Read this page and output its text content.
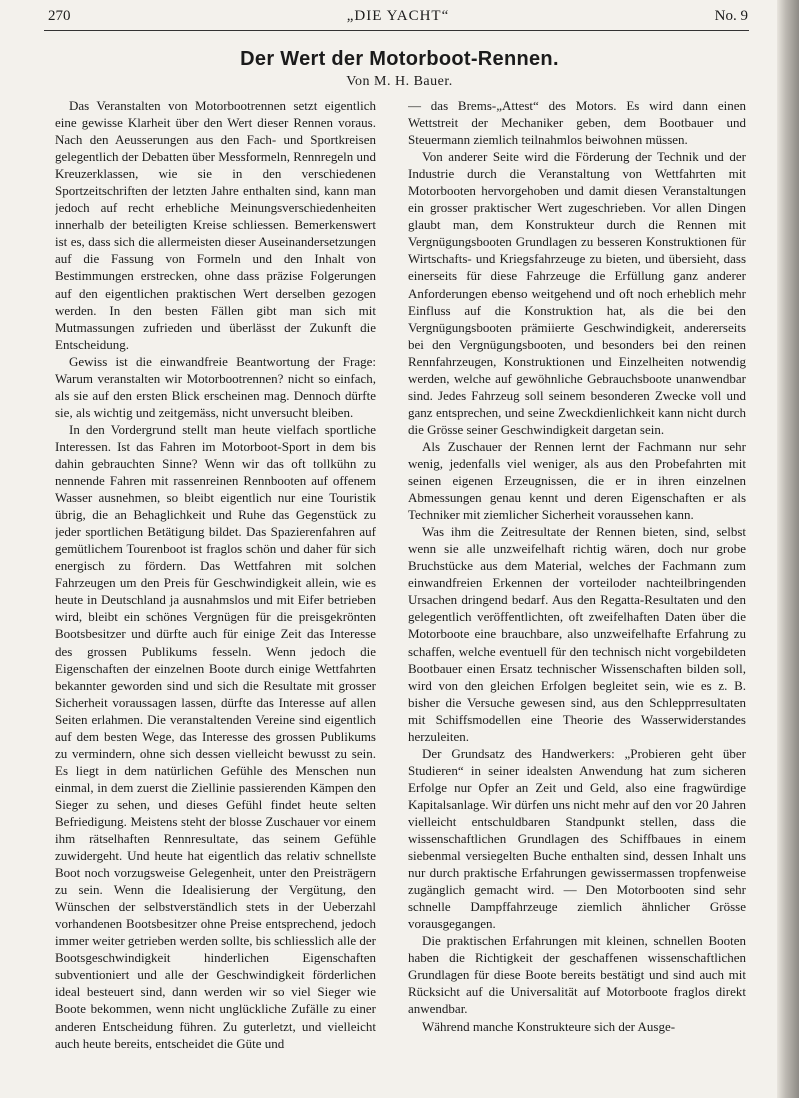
270	„DIE YACHT“	No. 9
Der Wert der Motorboot-Rennen.
Von M. H. Bauer.

Das Veranstalten von Motorbootrennen setzt eigentlich eine gewisse Klarheit über den Wert dieser Rennen voraus. Nach den Aeusserungen aus den Fach- und Sportkreisen gelegentlich der Debatten über Messformeln, Rennregeln und Kreuzerklassen, wie sie in den verschiedenen Sportzeitschriften der letzten Jahre enthalten sind, kann man jedoch auf recht erhebliche Meinungsverschiedenheiten innerhalb der beteiligten Kreise schliessen. Bemerkenswert ist es, dass sich die allermeisten dieser Auseinandersetzungen auf die Fassung von Formeln und den Inhalt von Bestimmungen erstrecken, ohne dass präzise Folgerungen auf den eigentlichen praktischen Wert derselben gezogen werden. In den besten Fällen gibt man sich mit Mutmassungen zufrieden und überlässt der Zukunft die Entscheidung.

Gewiss ist die einwandfreie Beantwortung der Frage: Warum veranstalten wir Motorbootrennen? nicht so einfach, als sie auf den ersten Blick erscheinen mag. Dennoch dürfte sie, als wichtig und zeitgemäss, nicht unversucht bleiben.

In den Vordergrund stellt man heute vielfach sportliche Interessen. Ist das Fahren im Motorboot-Sport in dem bis dahin gebrauchten Sinne? Wenn wir das oft tollkühn zu nennende Fahren mit rassenreinen Rennbooten auf offenem Wasser ausnehmen, so bleibt eigentlich nur eine Touristik übrig, die an Behaglichkeit und Ruhe das Gegenstück zu jeder sportlichen Betätigung bildet. Das Spazierenfahren auf gemütlichem Tourenboot ist fraglos schön und daher für sich energisch zu fördern. Das Wettfahren mit solchen Fahrzeugen um den Preis für Geschwindigkeit allein, wie es heute in Deutschland ja ausnahmslos und mit Eifer betrieben wird, bleibt ein schönes Vergnügen für die preisgekrönten Bootsbesitzer und dürfte auch für einige Zeit das Interesse des grossen Publikums fesseln. Wenn jedoch die Eigenschaften der einzelnen Boote durch einige Wettfahrten bekannter geworden sind und sich die Resultate mit grosser Sicherheit voraussagen lassen, dürfte das Interesse auf allen Seiten erlahmen. Die veranstaltenden Vereine sind eigentlich auf dem besten Wege, das Interesse des grossen Publikums zu vermindern, ohne sich dessen vielleicht bewusst zu sein. Es liegt in dem natürlichen Gefühle des Menschen nun einmal, in dem zuerst die Ziellinie passierenden Kämpen den Sieger zu sehen, und dieses Gefühl findet heute selten Befriedigung. Meistens steht der blosse Zuschauer vor einem ihm rätselhaften Rennresultate, das seinem Gefühle zuwidergeht. Und heute hat eigentlich das relativ schnellste Boot noch vorzugsweise Gelegenheit, unter den Preisträgern zu sein. Wenn die Idealisierung der Vergütung, den Wünschen der selbstverständlich stets in der Ueberzahl vorhandenen Bootsbesitzer ohne Preise entsprechend, jedoch immer weiter getrieben werden sollte, bis schliesslich alle der Bootsgeschwindigkeit hinderlichen Eigenschaften subventioniert und alle der Geschwindigkeit förderlichen ideal besteuert sind, dann werden wir so viel Sieger wie Boote bekommen, wenn nicht unglückliche Zufälle zu einer anderen Entscheidung führen. Zu guterletzt, und vielleicht auch heute bereits, entscheidet die Güte und

— das Brems-„Attest“ des Motors. Es wird dann einen Wettstreit der Mechaniker geben, dem Bootbauer und Steuermann ziemlich teilnahmlos beiwohnen müssen.

Von anderer Seite wird die Förderung der Technik und der Industrie durch die Veranstaltung von Wettfahrten mit Motorbooten hervorgehoben und damit diesen Veranstaltungen ein grosser praktischer Wert zugeschrieben. Vor allen Dingen glaubt man, dem Konstrukteur durch die Rennen mit Vergnügungsbooten Grundlagen zu besseren Konstruktionen für Wirtschafts- und Kriegsfahrzeuge zu bieten, und übersieht, dass einerseits für diese Fahrzeuge die Erfüllung ganz anderer Anforderungen ebenso weitgehend und oft noch erheblich mehr Einfluss auf die Konstruktion hat, als die bei den Vergnügungsbooten prämiierte Geschwindigkeit, andererseits bei den Vergnügungsbooten, und besonders bei den reinen Rennfahrzeugen, Konstruktionen und Einzelheiten notwendig werden, welche auf gewöhnliche Gebrauchsboote unanwendbar sind. Jedes Fahrzeug soll seinem besonderen Zwecke voll und ganz entsprechen, und seine Zweckdienlichkeit kann nicht durch die Grösse seiner Geschwindigkeit dargetan sein.

Als Zuschauer der Rennen lernt der Fachmann nur sehr wenig, jedenfalls viel weniger, als aus den Probefahrten mit seinen eigenen Erzeugnissen, die er in ihren einzelnen Abmessungen genau kennt und deren Eigenschaften er als Techniker mit ziemlicher Sicherheit voraussehen kann.

Was ihm die Zeitresultate der Rennen bieten, sind, selbst wenn sie alle unzweifelhaft richtig wären, doch nur grobe Bruchstücke aus dem Material, welches der Fachmann zum einwandfreien Erkennen der vorteiloder nachteilbringenden Ursachen dringend bedarf. Aus den Regatta-Resultaten und den gelegentlich veröffentlichten, oft zweifelhaften Daten über die Motorboote eine brauchbare, also unzweifelhafte Erfahrung zu schaffen, welche eventuell für den technisch nicht vorgebildeten Bootbauer einen Ersatz technischer Wissenschaften bilden soll, wird von den gleichen Erfolgen begleitet sein, wie es z. B. bisher die Versuche gewesen sind, aus den Schlepprresultaten mit Schiffsmodellen eine Theorie des Wasserwiderstandes herzuleiten.

Der Grundsatz des Handwerkers: „Probieren geht über Studieren“ in seiner idealsten Anwendung hat zum sicheren Erfolge nur Opfer an Zeit und Geld, also eine fragwürdige Kapitalsanlage. Wir dürfen uns nicht mehr auf den vor 20 Jahren vielleicht entschuldbaren Standpunkt stellen, dass die wissenschaftlichen Grundlagen des Schiffbaues in einem siebenmal versiegelten Buche enthalten sind, dessen Inhalt uns nur durch praktische Erfahrungen gewissermassen tropfenweise zugänglich gemacht wird. — Den Motorbooten sind sehr schnelle Dampffahrzeuge ziemlich ähnlicher Grösse vorausgegangen.

Die praktischen Erfahrungen mit kleinen, schnellen Booten haben die Richtigkeit der geschaffenen wissenschaftlichen Grundlagen für diese Boote bereits bestätigt und sind auch mit Rücksicht auf die Universalität auf Motorboote fraglos direkt anwendbar.

Während manche Konstrukteure sich der Ausge-
